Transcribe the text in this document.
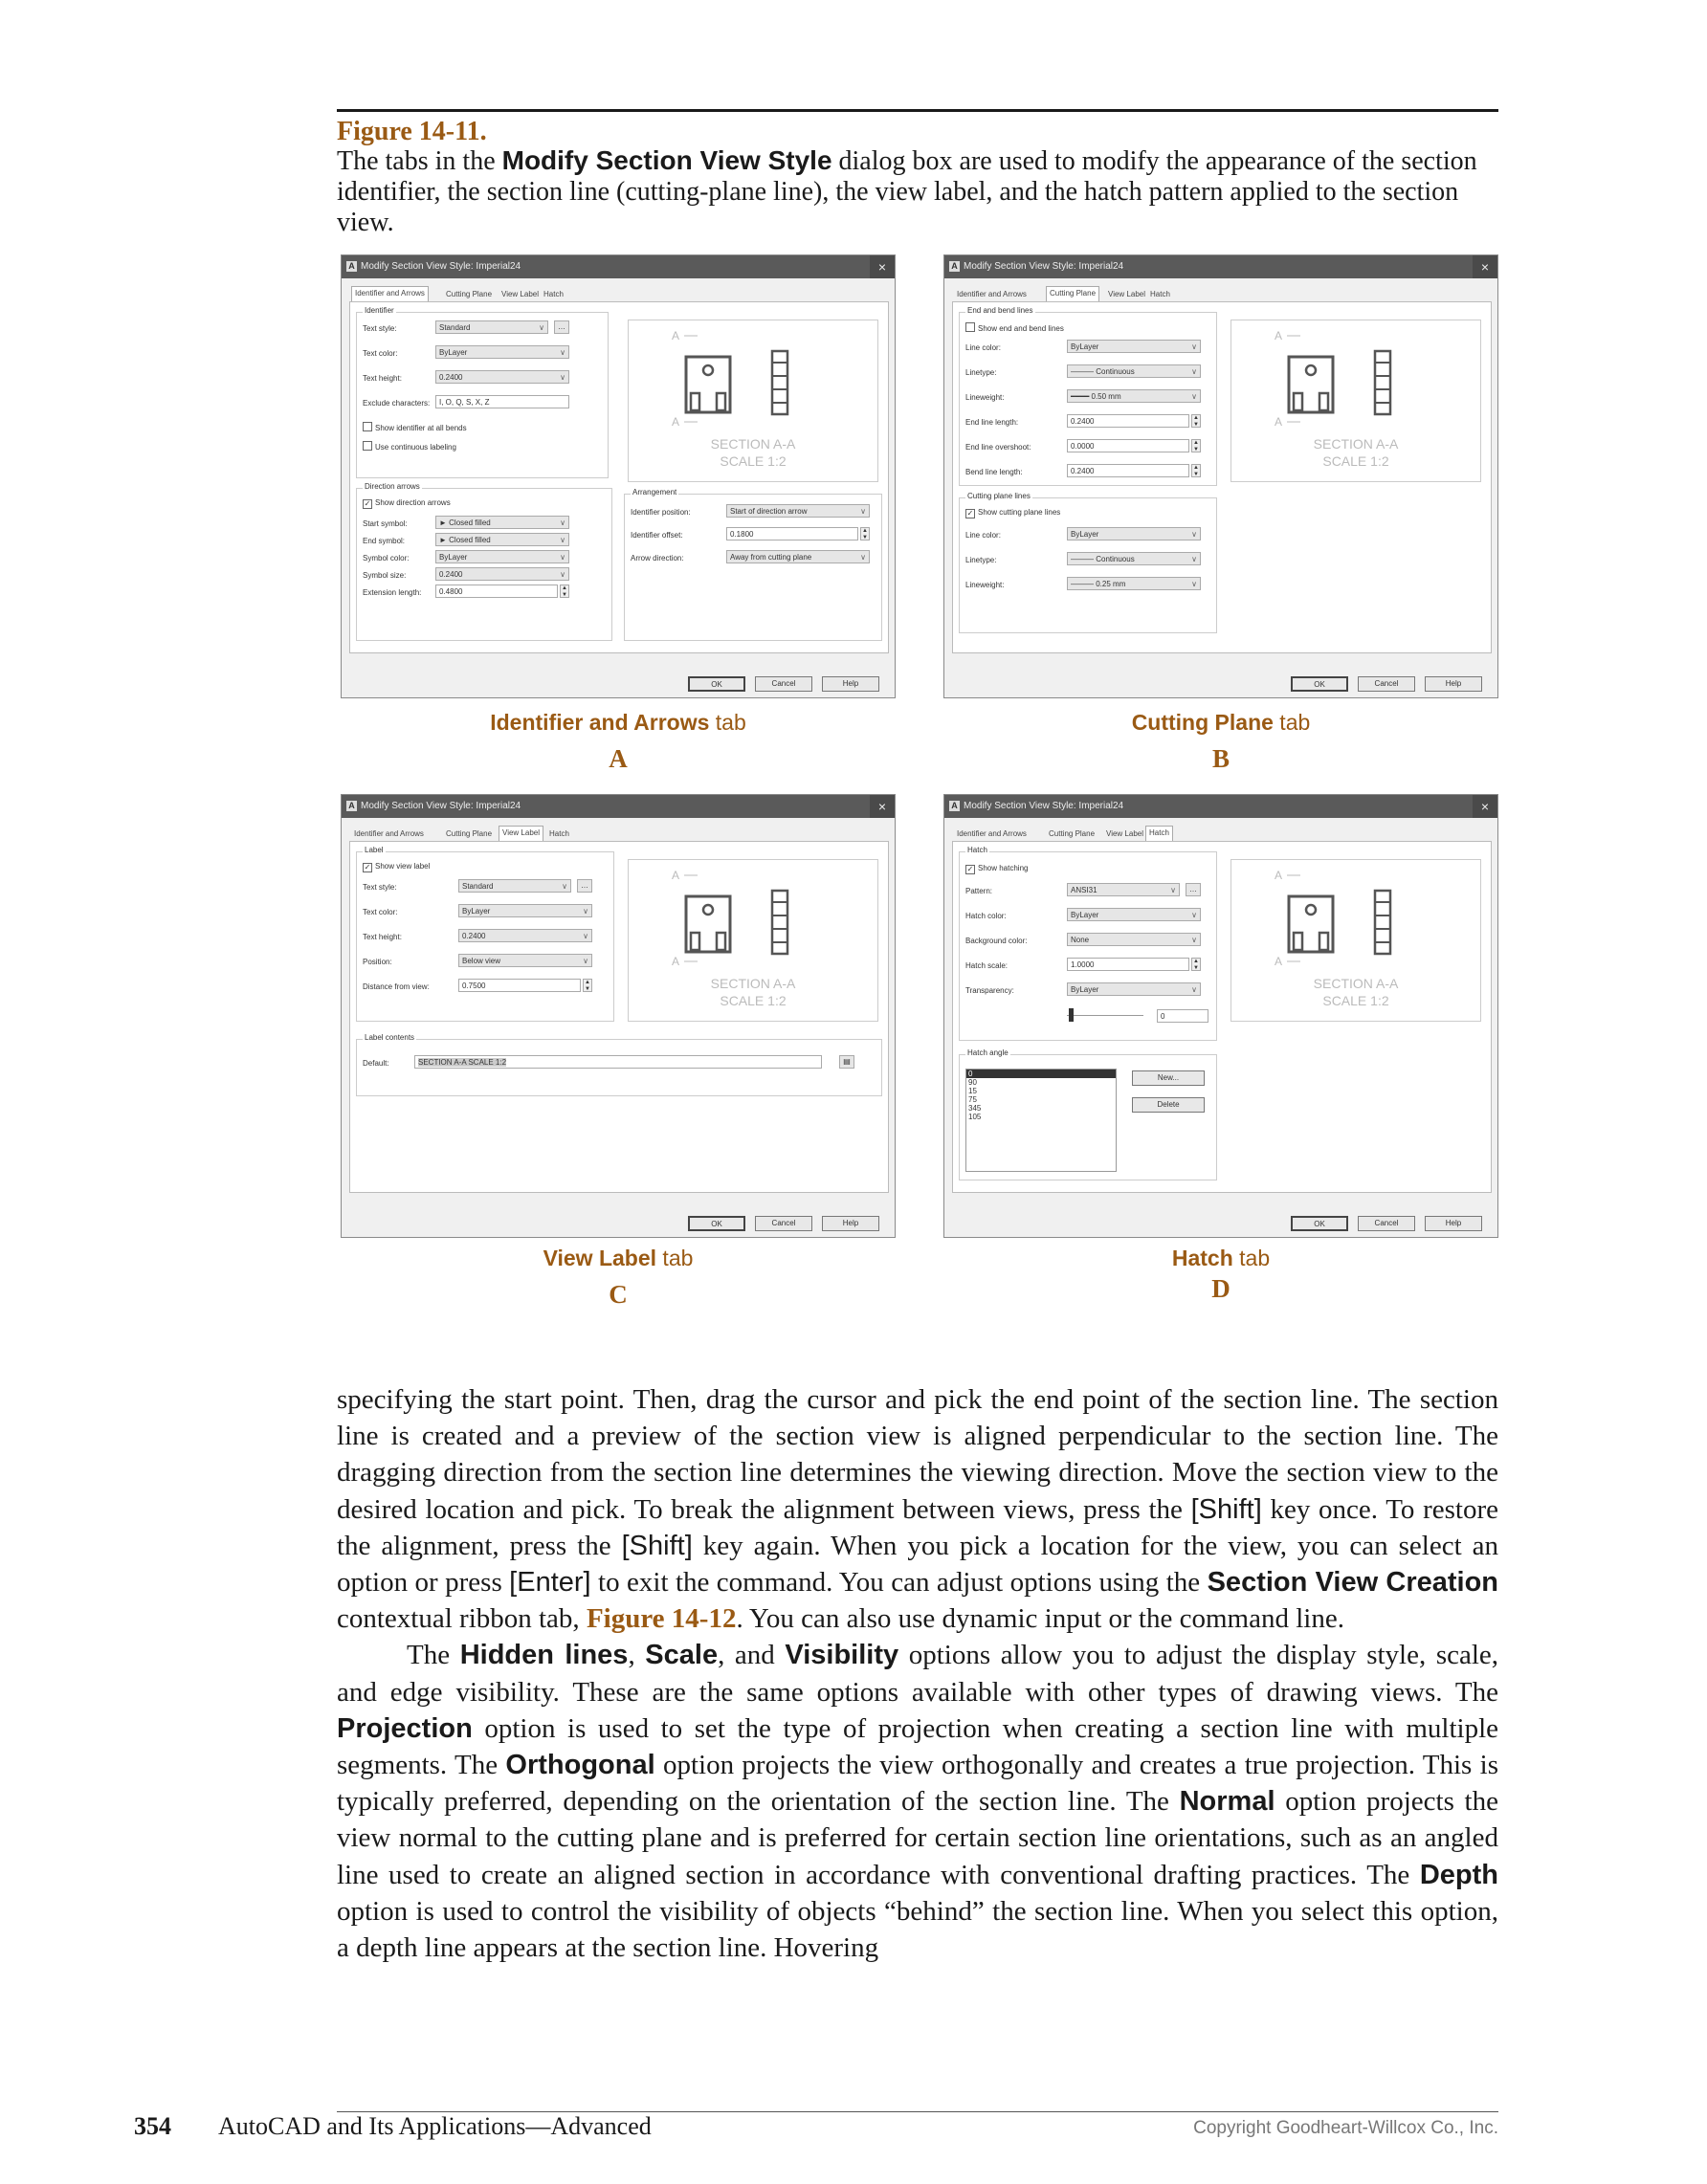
Figure 14-11.
The tabs in the Modify Section View Style dialog box are used to modify the appearance of the section identifier, the section line (cutting-plane line), the view label, and the hatch pattern applied to the section view.
A Modify Section View Style: Imperial24	×
Identifier and Arrows	Cutting Plane	View Label Hatch
Identifier
Text style:	Standard ∨	…
Text color:	ByLayer ∨
Text height:	0.2400 ∨
Exclude characters:	I, O, Q, S, X, Z
Show identifier at all bends
Use continuous labeling
A
A
SECTION A-A
SCALE 1:2
Direction arrows
✓ Show direction arrows
Start symbol:	► Closed filled ∨
End symbol:	► Closed filled ∨
Symbol color:	ByLayer ∨
Symbol size:	0.2400 ∨
Extension length:	0.4800	▲
▼
Arrangement
Identifier position:	Start of direction arrow ∨
Identifier offset:	0.1800	▲
▼
Arrow direction:	Away from cutting plane ∨
OK	Cancel	Help
Identifier and Arrows tab
A
A Modify Section View Style: Imperial24	×
Identifier and Arrows	Cutting Plane	View Label Hatch
End and bend lines
Show end and bend lines
Line color:	ByLayer ∨
Linetype:	——— Continuous ∨
Lineweight:	━━━━ 0.50 mm ∨
End line length:	0.2400	▲
▼
End line overshoot:	0.0000	▲
▼
Bend line length:	0.2400	▲
▼
A
A
SECTION A-A
SCALE 1:2
Cutting plane lines
✓ Show cutting plane lines
Line color:	ByLayer ∨
Linetype:	——— Continuous ∨
Lineweight:	——— 0.25 mm ∨
OK	Cancel	Help
Cutting Plane tab
B
A Modify Section View Style: Imperial24	×
Identifier and Arrows	Cutting Plane	View Label	Hatch
Label
✓ Show view label
Text style:	Standard ∨	…
Text color:	ByLayer ∨
Text height:	0.2400 ∨
Position:	Below view ∨
Distance from view:	0.7500	▲
▼
A
A
SECTION A-A
SCALE 1:2
Label contents
Default:	SECTION A-A SCALE 1:2	▤
OK	Cancel	Help
View Label tab
C
A Modify Section View Style: Imperial24	×
Identifier and Arrows	Cutting Plane	View Label Hatch
Hatch
✓ Show hatching
Pattern:	ANSI31 ∨	…
Hatch color:	ByLayer ∨
Background color:	None ∨
Hatch scale:	1.0000	▲
▼
Transparency:	ByLayer ∨
0
A
A
SECTION A-A
SCALE 1:2
Hatch angle
0
90
15
75
345
105
New...
Delete
OK	Cancel	Help
Hatch tab
D

specifying the start point. Then, drag the cursor and pick the end point of the section line. The section line is created and a preview of the section view is aligned perpendicular to the section line. The dragging direction from the section line determines the viewing direction. Move the section view to the desired location and pick. To break the alignment between views, press the [Shift] key once. To restore the alignment, press the [Shift] key again. When you pick a location for the view, you can select an option or press [Enter] to exit the command. You can adjust options using the Section View Creation contextual ribbon tab, Figure 14-12. You can also use dynamic input or the command line.

The Hidden lines, Scale, and Visibility options allow you to adjust the display style, scale, and edge visibility. These are the same options available with other types of drawing views. The Projection option is used to set the type of projection when creating a section line with multiple segments. The Orthogonal option projects the view orthogonally and creates a true projection. This is typically preferred, depending on the orientation of the section line. The Normal option projects the view normal to the cutting plane and is preferred for certain section line orientations, such as an angled line used to create an aligned section in accordance with conventional drafting practices. The Depth option is used to control the visibility of objects “behind” the section line. When you select this option, a depth line appears at the section line. Hovering

354 AutoCAD and Its Applications—Advanced	Copyright Goodheart-Willcox Co., Inc.
